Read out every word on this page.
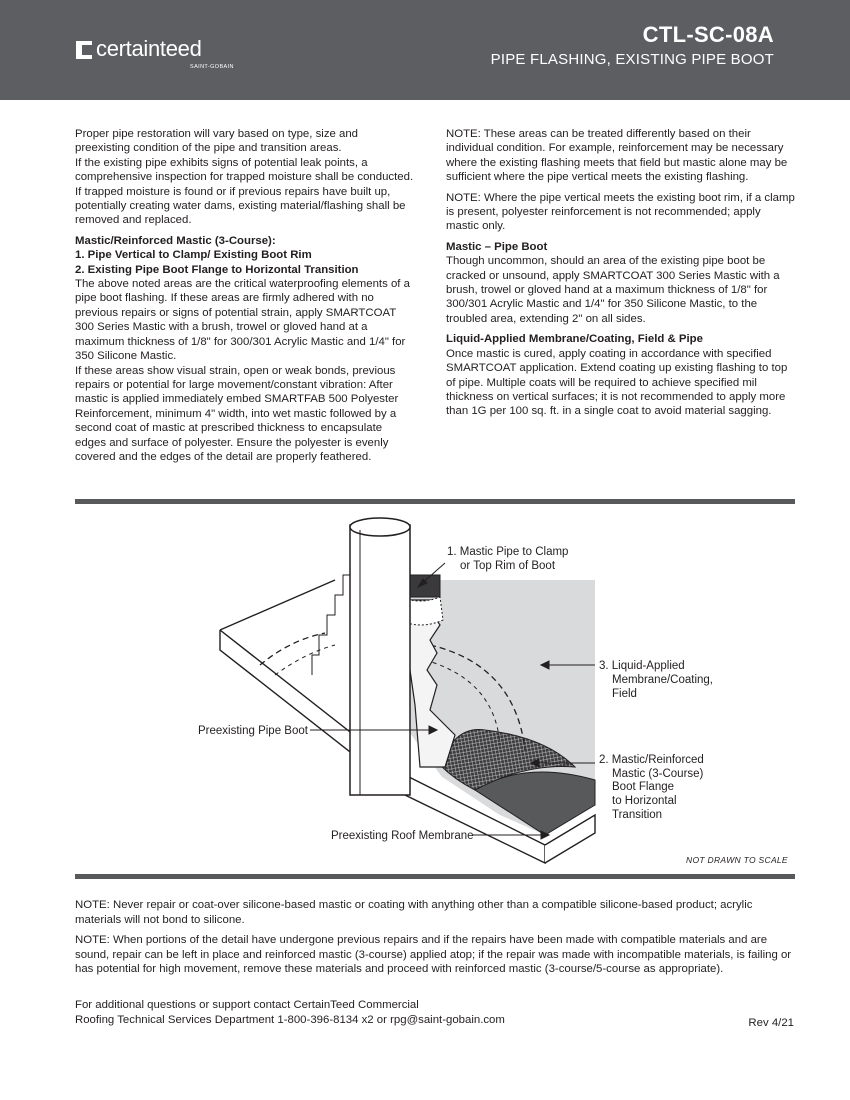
certainteed
SAINT-GOBAIN
CTL-SC-08A
PIPE FLASHING, EXISTING PIPE BOOT

Proper pipe restoration will vary based on type, size and preexisting condition of the pipe and transition areas.

If the existing pipe exhibits signs of potential leak points, a comprehensive inspection for trapped moisture shall be conducted. If trapped moisture is found or if previous repairs have built up, potentially creating water dams, existing material/flashing shall be removed and replaced.

Mastic/Reinforced Mastic (3-Course):

1. Pipe Vertical to Clamp/ Existing Boot Rim

2. Existing Pipe Boot Flange to Horizontal Transition

The above noted areas are the critical waterproofing elements of a pipe boot flashing. If these areas are firmly adhered with no previous repairs or signs of potential strain, apply SMARTCOAT 300 Series Mastic with a brush, trowel or gloved hand at a maximum thickness of 1/8" for 300/301 Acrylic Mastic and 1/4" for 350 Silicone Mastic.

If these areas show visual strain, open or weak bonds, previous repairs or potential for large movement/constant vibration: After mastic is applied immediately embed SMARTFAB 500 Polyester Reinforcement, minimum 4" width, into wet mastic followed by a second coat of mastic at prescribed thickness to encapsulate edges and surface of polyester. Ensure the polyester is evenly covered and the edges of the detail are properly feathered.

NOTE: These areas can be treated differently based on their individual condition. For example, reinforcement may be necessary where the existing flashing meets that field but mastic alone may be sufficient where the pipe vertical meets the existing flashing.

NOTE: Where the pipe vertical meets the existing boot rim, if a clamp is present, polyester reinforcement is not recommended; apply mastic only.

Mastic – Pipe Boot

Though uncommon, should an area of the existing pipe boot be cracked or unsound, apply SMARTCOAT 300 Series Mastic with a brush, trowel or gloved hand at a maximum thickness of 1/8" for 300/301 Acrylic Mastic and 1/4" for 350 Silicone Mastic, to the troubled area, extending 2" on all sides.

Liquid-Applied Membrane/Coating, Field & Pipe

Once mastic is cured, apply coating in accordance with specified SMARTCOAT application. Extend coating up existing flashing to top of pipe. Multiple coats will be required to achieve specified mil thickness on vertical surfaces; it is not recommended to apply more than 1G per 100 sq. ft. in a single coat to avoid material sagging.

1. Mastic Pipe to Clamp
or Top Rim of Boot
3. Liquid-Applied
Membrane/Coating,
Field
2. Mastic/Reinforced
Mastic (3-Course)
Boot Flange
to Horizontal
Transition
Preexisting Pipe Boot
Preexisting Roof Membrane
NOT DRAWN TO SCALE

NOTE: Never repair or coat-over silicone-based mastic or coating with anything other than a compatible silicone-based product; acrylic materials will not bond to silicone.

NOTE: When portions of the detail have undergone previous repairs and if the repairs have been made with compatible materials and are sound, repair can be left in place and reinforced mastic (3-course) applied atop; if the repair was made with incompatible materials, is failing or has potential for high movement, remove these materials and proceed with reinforced mastic (3-course/5-course as appropriate).

For additional questions or support contact CertainTeed Commercial
Roofing Technical Services Department 1-800-396-8134 x2 or rpg@saint-gobain.com	Rev 4/21
